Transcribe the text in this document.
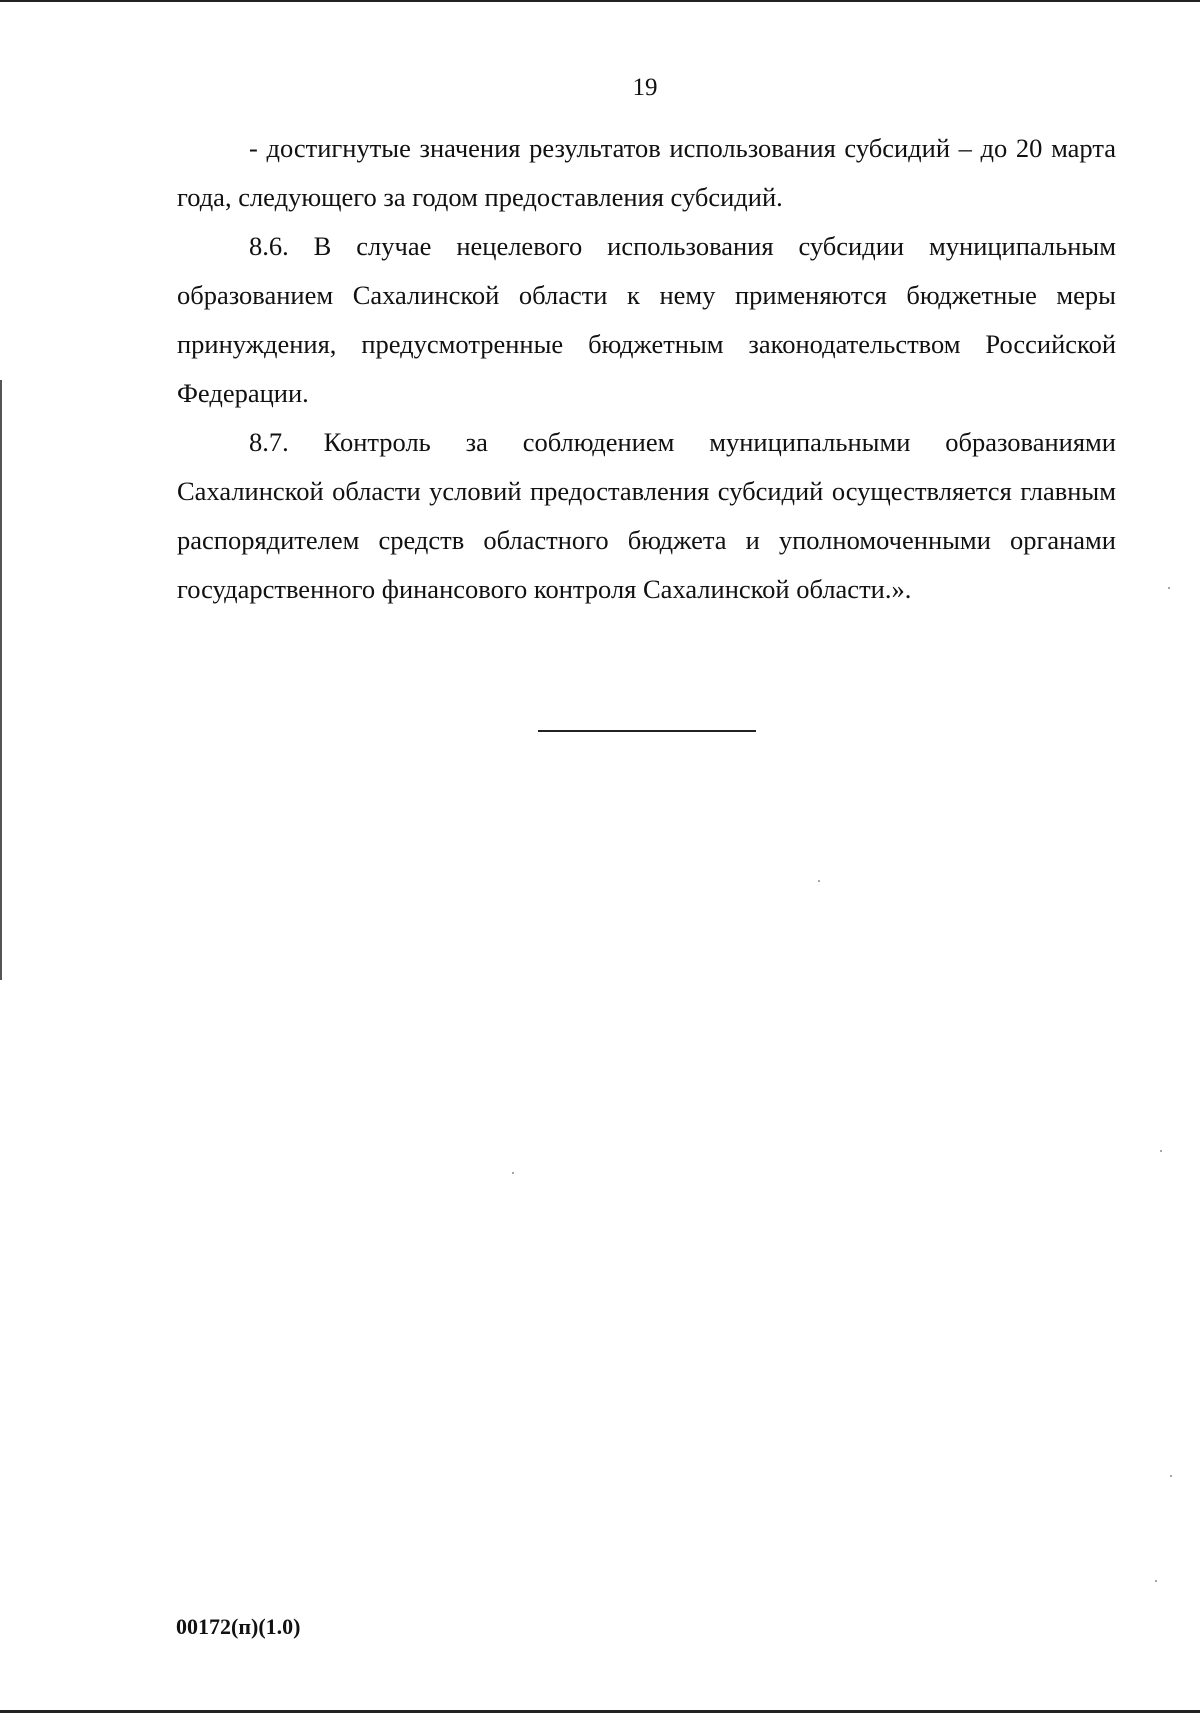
19

- достигнутые значения результатов использования субсидий – до 20 марта года, следующего за годом предоставления субсидий.

8.6. В случае нецелевого использования субсидии муниципальным образованием Сахалинской области к нему применяются бюджетные меры принуждения, предусмотренные бюджетным законодательством Российской Федерации.

8.7. Контроль за соблюдением муниципальными образованиями Сахалинской области условий предоставления субсидий осуществляется главным распорядителем средств областного бюджета и уполномоченными органами государственного финансового контроля Сахалинской области.».

00172(п)(1.0)
